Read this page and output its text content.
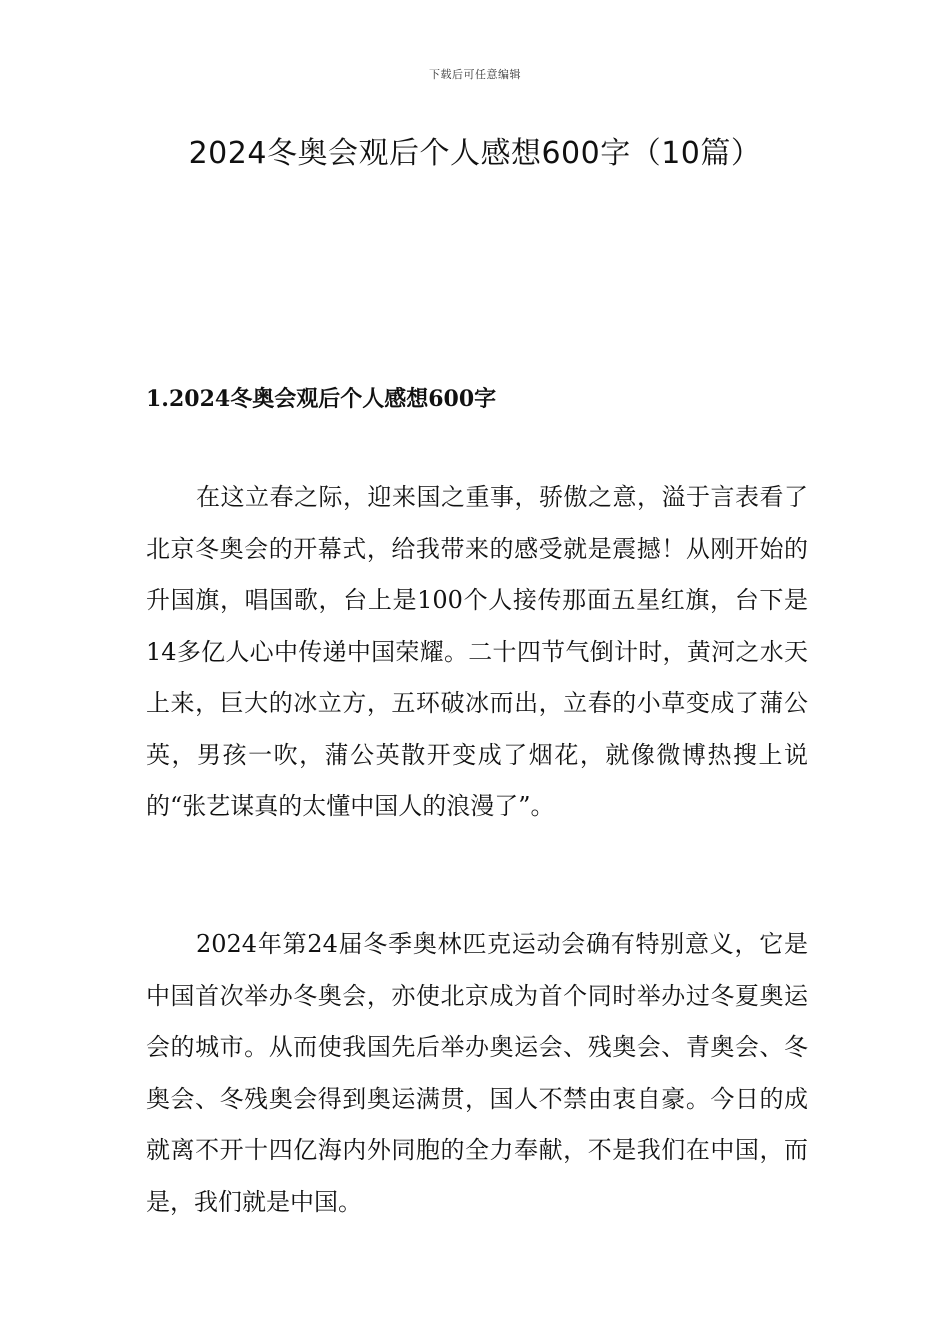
下载后可任意编辑
2024冬奥会观后个人感想600字（10篇）
1.2024冬奥会观后个人感想600字

在这立春之际，迎来国之重事，骄傲之意，溢于言表看了北京冬奥会的开幕式，给我带来的感受就是震撼！从刚开始的升国旗，唱国歌，台上是100个人接传那面五星红旗，台下是14多亿人心中传递中国荣耀。二十四节气倒计时，黄河之水天上来，巨大的冰立方，五环破冰而出，立春的小草变成了蒲公英，男孩一吹，蒲公英散开变成了烟花，就像微博热搜上说的“张艺谋真的太懂中国人的浪漫了”。

2024年第24届冬季奥林匹克运动会确有特别意义，它是中国首次举办冬奥会，亦使北京成为首个同时举办过冬夏奥运会的城市。从而使我国先后举办奥运会、残奥会、青奥会、冬奥会、冬残奥会得到奥运满贯，国人不禁由衷自豪。今日的成就离不开十四亿海内外同胞的全力奉献，不是我们在中国，而是，我们就是中国。
